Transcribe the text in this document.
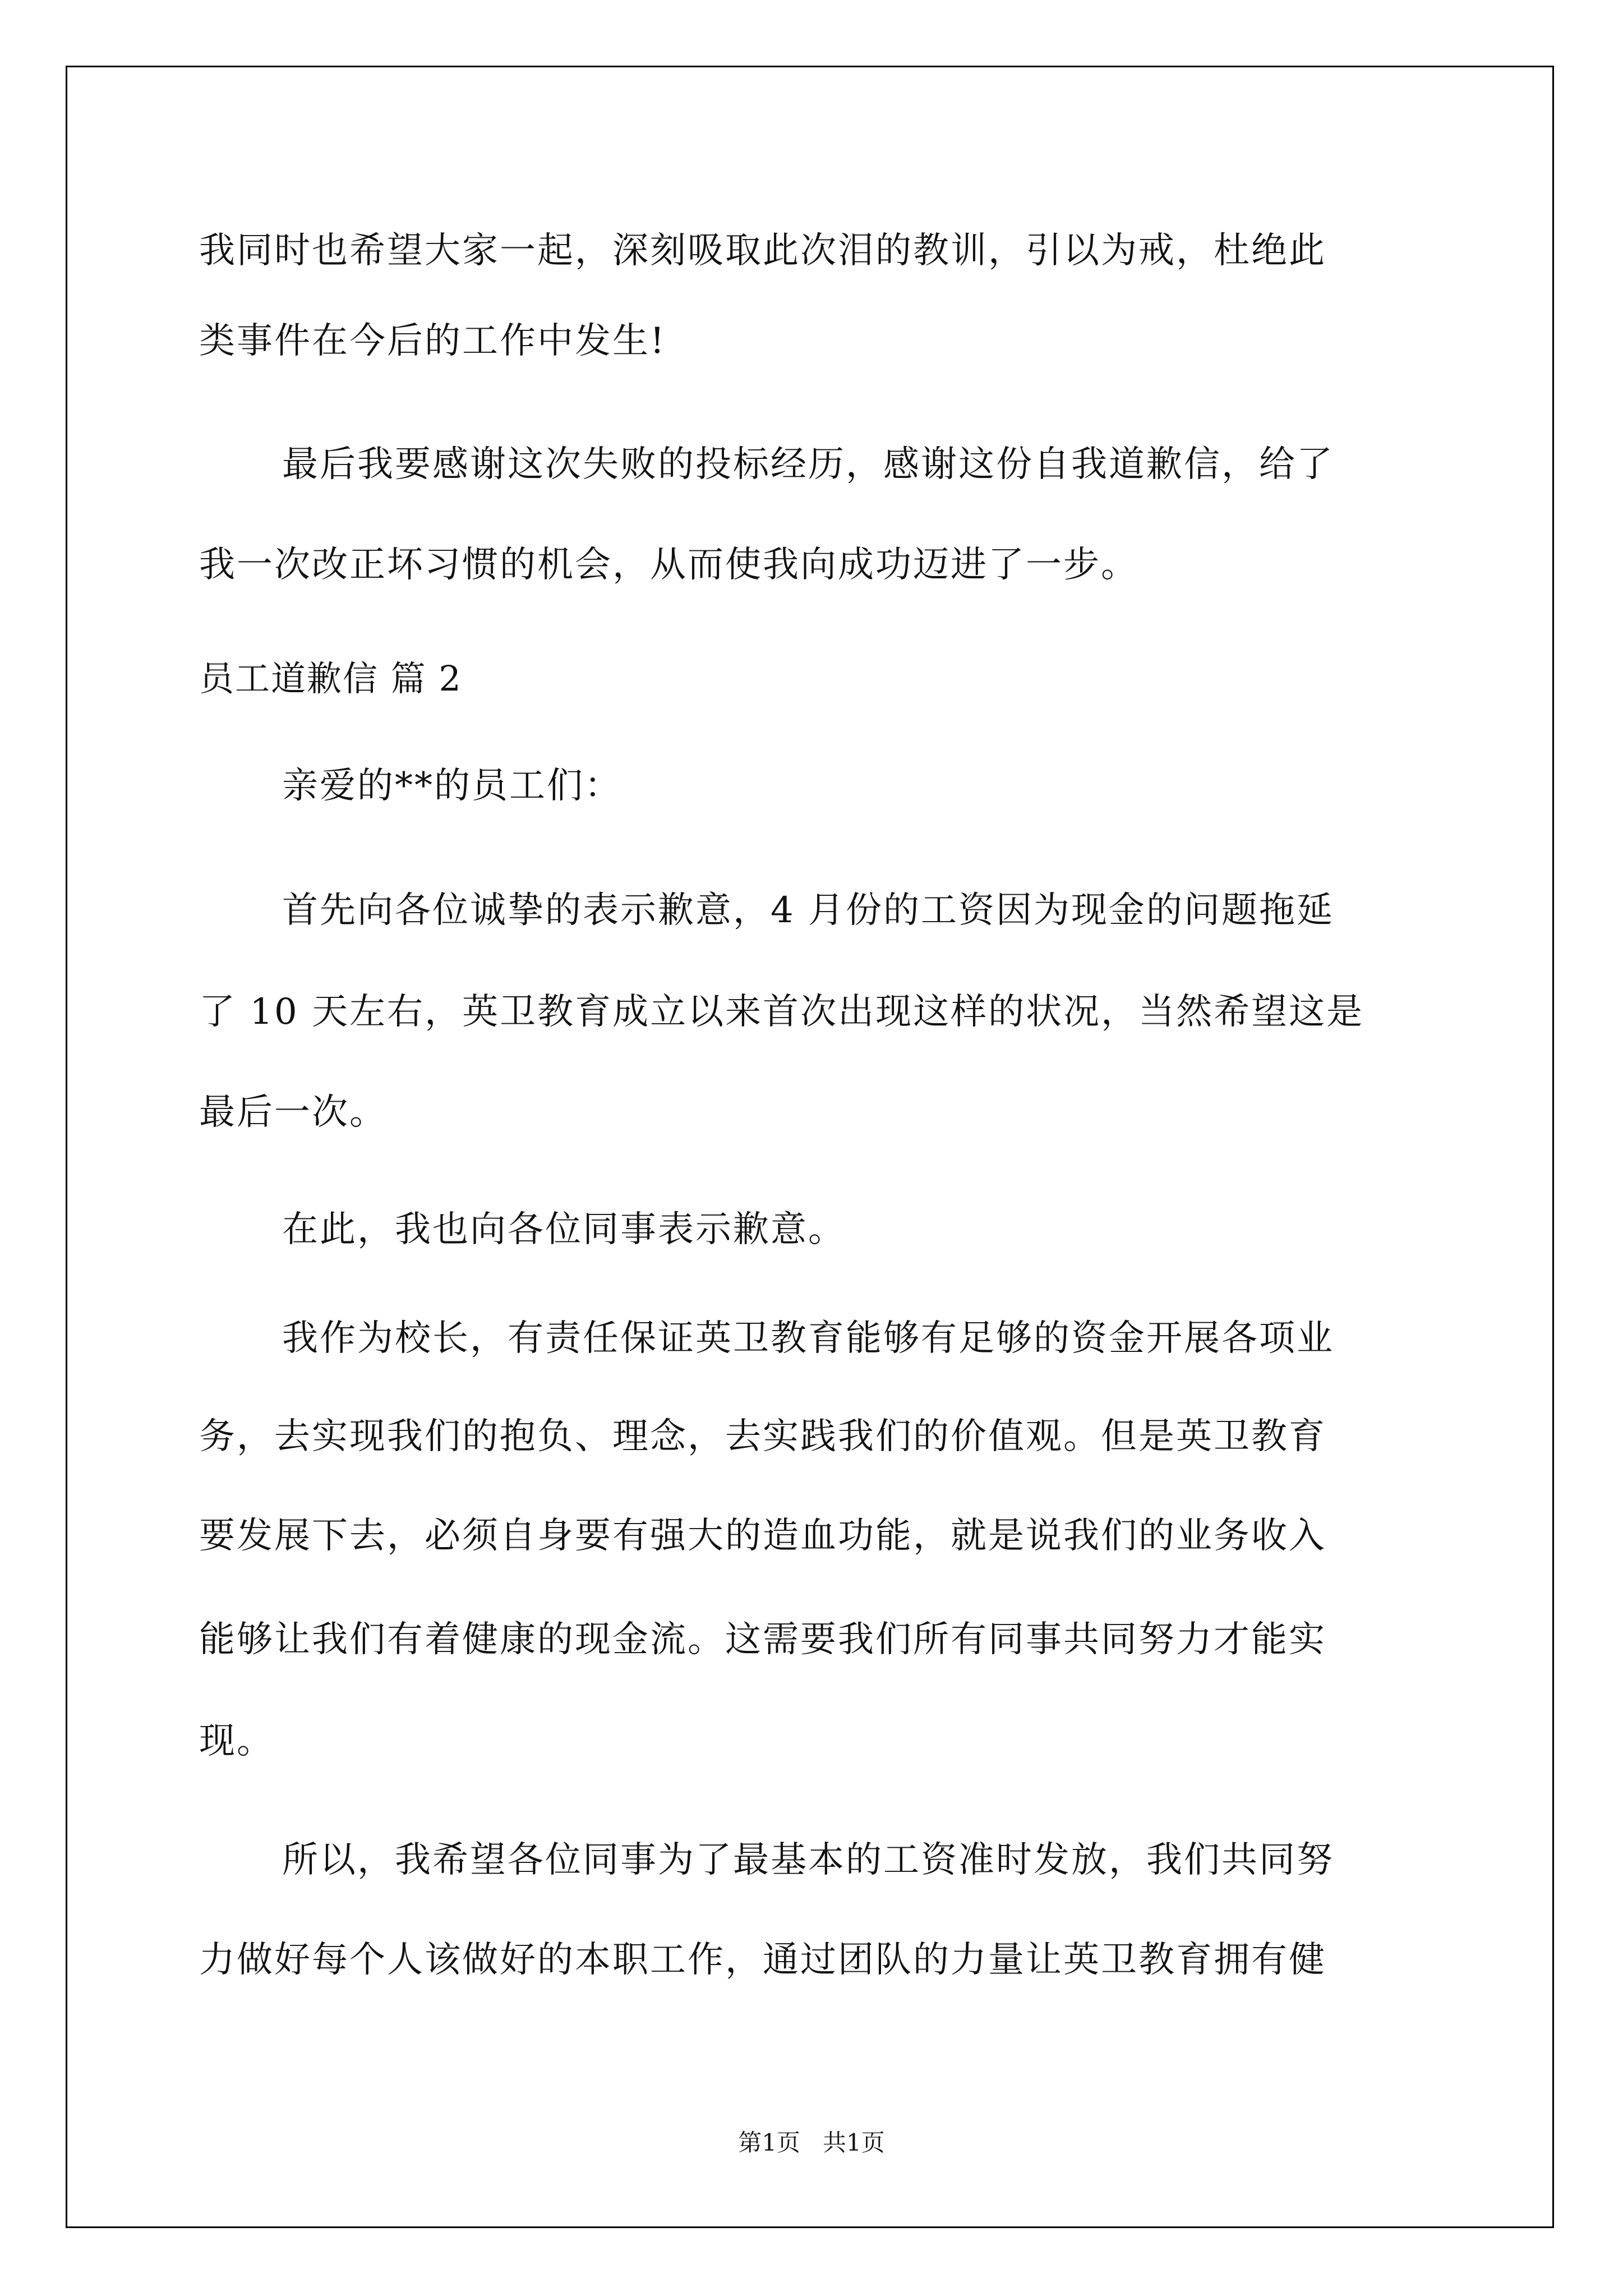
我同时也希望大家一起，深刻吸取此次泪的教训，引以为戒，杜绝此
类事件在今后的工作中发生!
最后我要感谢这次失败的投标经历，感谢这份自我道歉信，给了
我一次改正坏习惯的机会，从而使我向成功迈进了一步。
员工道歉信 篇 2
亲爱的**的员工们：
首先向各位诚挚的表示歉意，4 月份的工资因为现金的问题拖延
了 10 天左右，英卫教育成立以来首次出现这样的状况，当然希望这是
最后一次。
在此，我也向各位同事表示歉意。
我作为校长，有责任保证英卫教育能够有足够的资金开展各项业
务，去实现我们的抱负、理念，去实践我们的价值观。但是英卫教育
要发展下去，必须自身要有强大的造血功能，就是说我们的业务收入
能够让我们有着健康的现金流。这需要我们所有同事共同努力才能实
现。
所以，我希望各位同事为了最基本的工资准时发放，我们共同努
力做好每个人该做好的本职工作，通过团队的力量让英卫教育拥有健
第1页   共1页
